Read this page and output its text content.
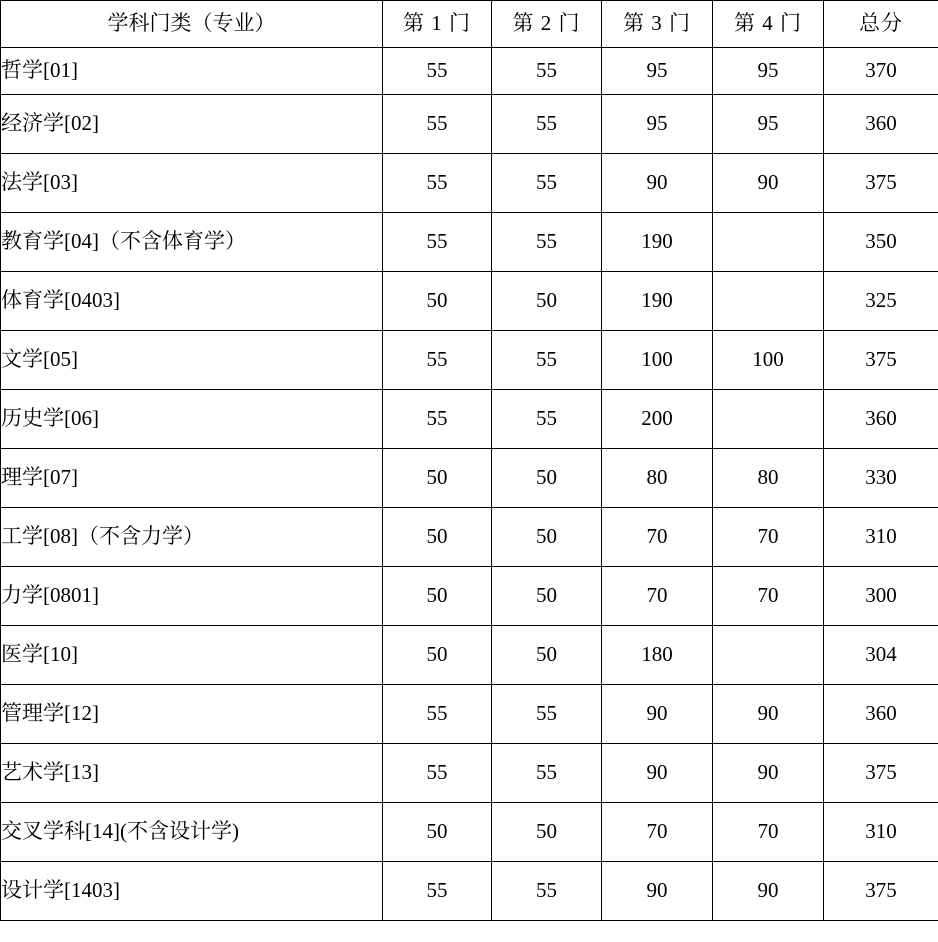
学科门类（专业）	第 1 门	第 2 门	第 3 门	第 4 门	总分
哲学[01]	55	55	95	95	370
经济学[02]	55	55	95	95	360
法学[03]	55	55	90	90	375
教育学[04]（不含体育学）	55	55	190		350
体育学[0403]	50	50	190		325
文学[05]	55	55	100	100	375
历史学[06]	55	55	200		360
理学[07]	50	50	80	80	330
工学[08]（不含力学）	50	50	70	70	310
力学[0801]	50	50	70	70	300
医学[10]	50	50	180		304
管理学[12]	55	55	90	90	360
艺术学[13]	55	55	90	90	375
交叉学科[14](不含设计学)	50	50	70	70	310
设计学[1403]	55	55	90	90	375
